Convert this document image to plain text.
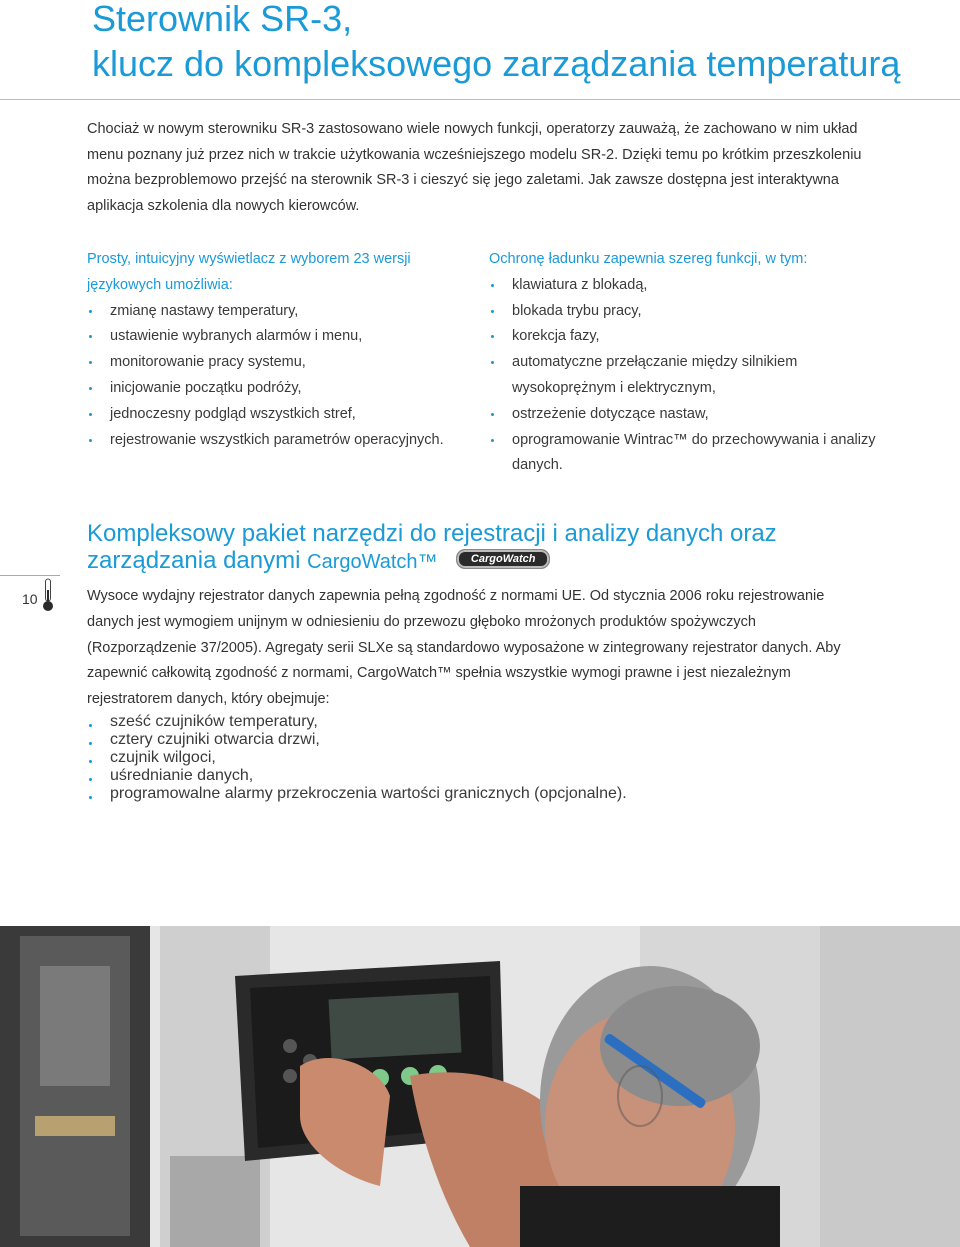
Sterownik SR-3,
klucz do kompleksowego zarządzania temperaturą

Chociaż w nowym sterowniku SR-3 zastosowano wiele nowych funkcji, operatorzy zauważą, że zachowano w nim układ menu poznany już przez nich w trakcie użytkowania wcześniejszego modelu SR-2. Dzięki temu po krótkim przeszkoleniu można bezproblemowo przejść na sterownik SR-3 i cieszyć się jego zaletami. Jak zawsze dostępna jest interaktywna aplikacja szkolenia dla nowych kierowców.

Prosty, intuicyjny wyświetlacz z wyborem 23 wersji językowych umożliwia:

zmianę nastawy temperatury,
ustawienie wybranych alarmów i menu,
monitorowanie pracy systemu,
inicjowanie początku podróży,
jednoczesny podgląd wszystkich stref,
rejestrowanie wszystkich parametrów operacyjnych.

Ochronę ładunku zapewnia szereg funkcji, w tym:

klawiatura z blokadą,
blokada trybu pracy,
korekcja fazy,
automatyczne przełączanie między silnikiem wysokoprężnym i elektrycznym,
ostrzeżenie dotyczące nastaw,
oprogramowanie Wintrac™ do przechowywania i analizy danych.
10
Kompleksowy pakiet narzędzi do rejestracji i analizy danych oraz
zarządzania danymi CargoWatch™	CargoWatch

Wysoce wydajny rejestrator danych zapewnia pełną zgodność z normami UE. Od stycznia 2006 roku rejestrowanie danych jest wymogiem unijnym w odniesieniu do przewozu głęboko mrożonych produktów spożywczych (Rozporządzenie 37/2005). Agregaty serii SLXe są standardowo wyposażone w zintegrowany rejestrator danych. Aby zapewnić całkowitą zgodność z normami, CargoWatch™ spełnia wszystkie wymogi prawne i jest niezależnym rejestratorem danych, który obejmuje:

sześć czujników temperatury,
cztery czujniki otwarcia drzwi,
czujnik wilgoci,
uśrednianie danych,
programowalne alarmy przekroczenia wartości granicznych (opcjonalne).
